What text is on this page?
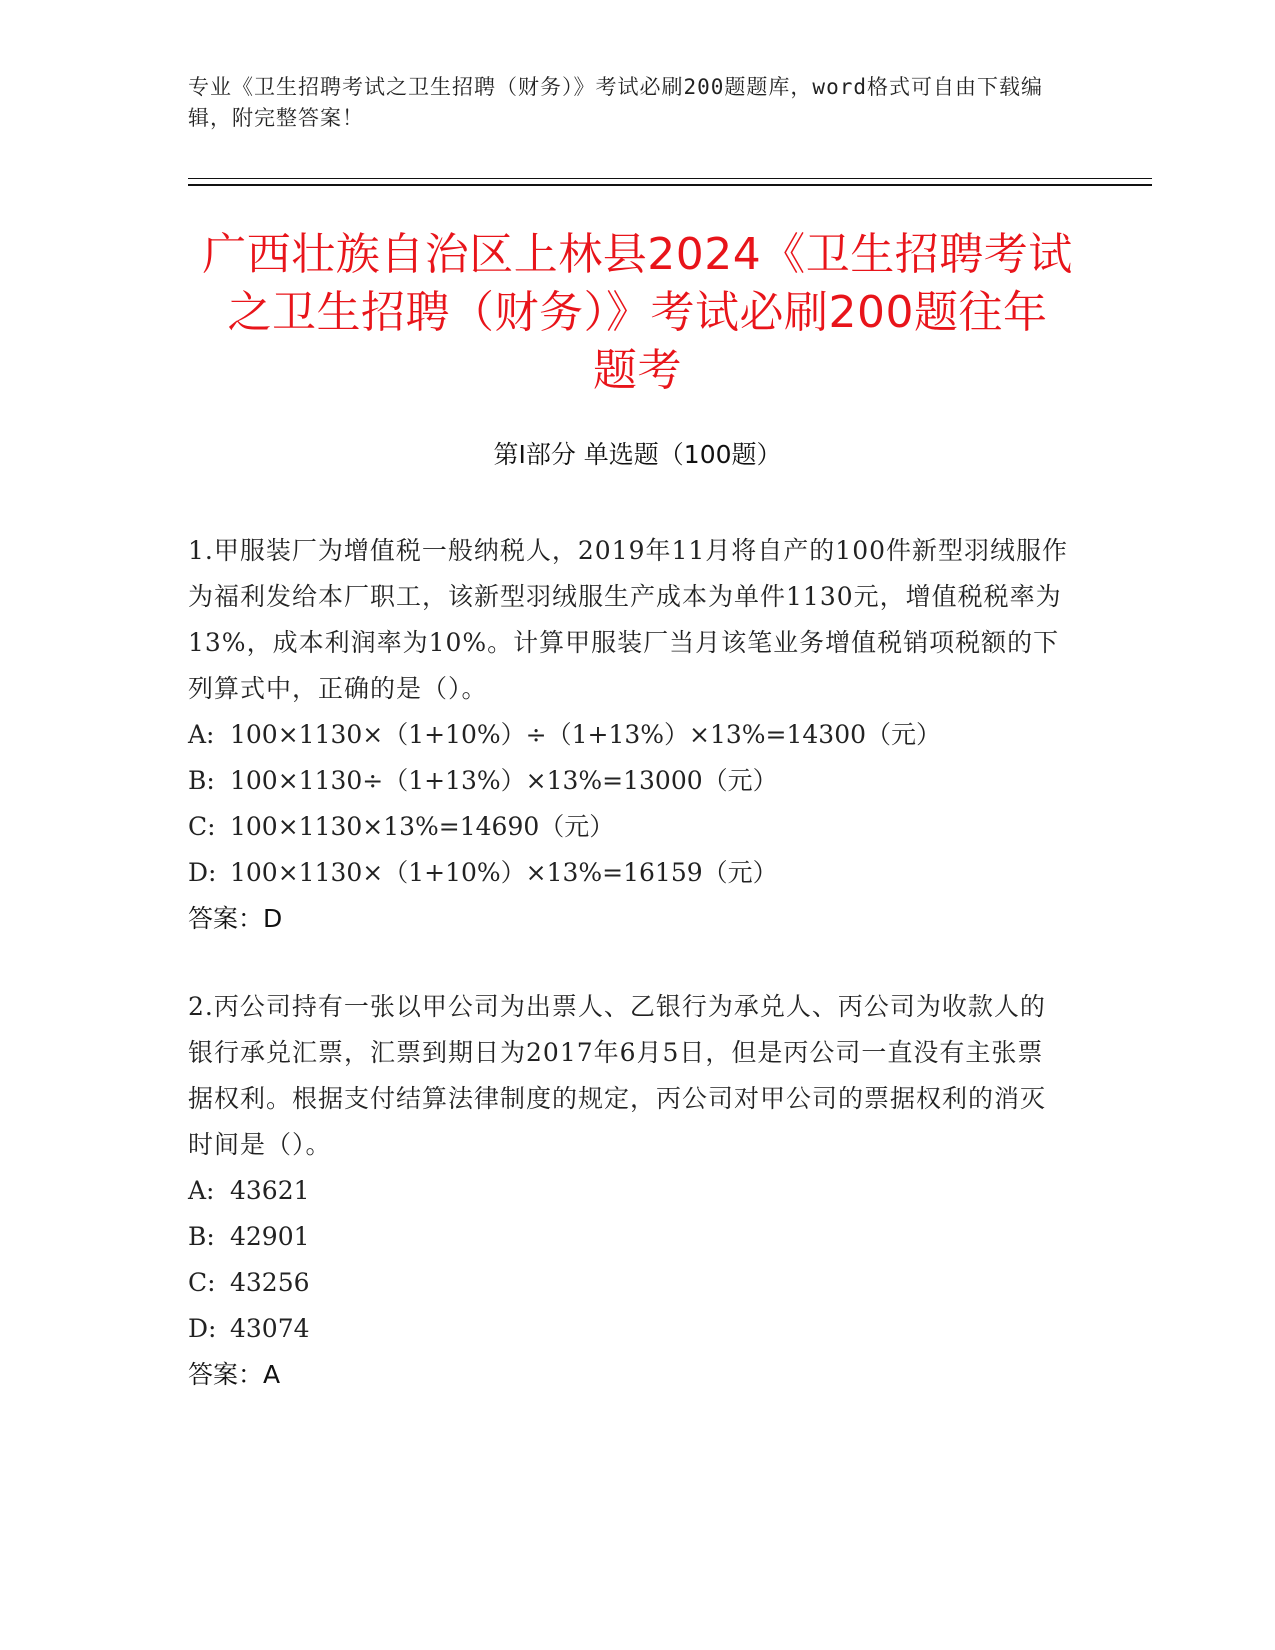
专业《卫生招聘考试之卫生招聘（财务）》考试必刷200题题库，word格式可自由下载编辑，附完整答案！
广西壮族自治区上林县2024《卫生招聘考试
之卫生招聘（财务）》考试必刷200题往年
题考
第Ⅰ部分 单选题（100题）

1.甲服装厂为增值税一般纳税人，2019年11月将自产的100件新型羽绒服作为福利发给本厂职工，该新型羽绒服生产成本为单件1130元，增值税税率为13%，成本利润率为10%。计算甲服装厂当月该笔业务增值税销项税额的下列算式中，正确的是（）。

A: 100×1130×（1+10%）÷（1+13%）×13%=14300（元）

B: 100×1130÷（1+13%）×13%=13000（元）

C: 100×1130×13%=14690（元）

D: 100×1130×（1+10%）×13%=16159（元）

答案：D

2.丙公司持有一张以甲公司为出票人、乙银行为承兑人、丙公司为收款人的银行承兑汇票，汇票到期日为2017年6月5日，但是丙公司一直没有主张票据权利。根据支付结算法律制度的规定，丙公司对甲公司的票据权利的消灭时间是（）。

A: 43621

B: 42901

C: 43256

D: 43074

答案：A
